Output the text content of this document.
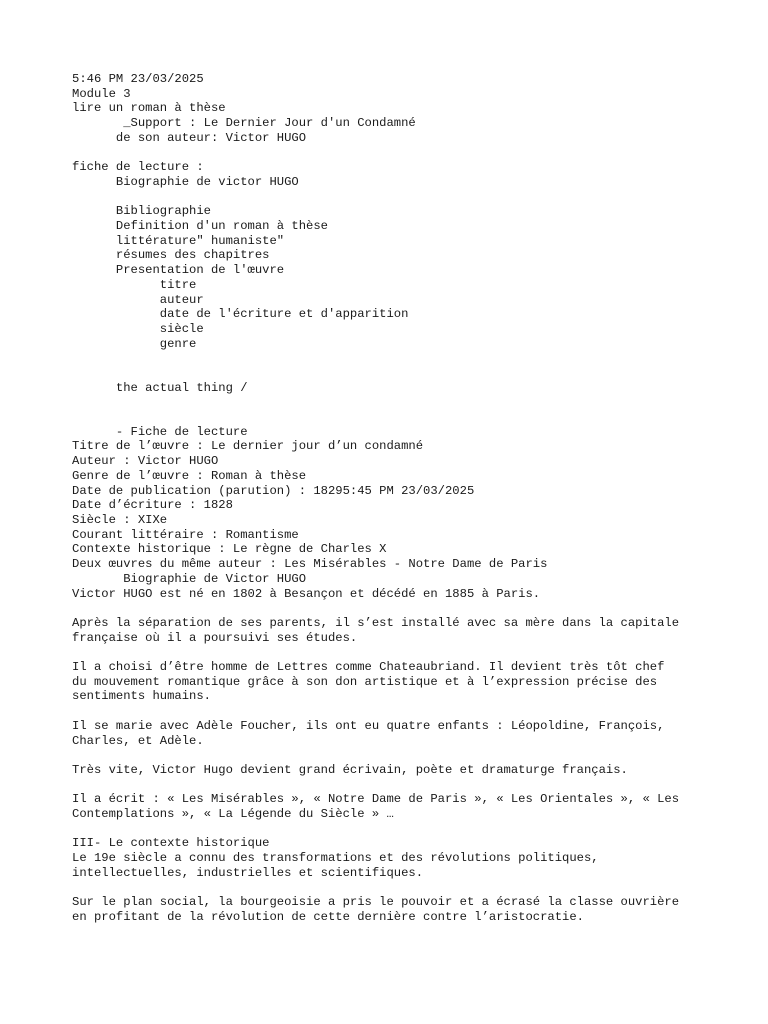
5:46 PM 23/03/2025
Module 3
lire un roman à thèse
_Support : Le Dernier Jour d'un Condamné
de son auteur: Victor HUGO
fiche de lecture :
Biographie de victor HUGO
Bibliographie
Definition d'un roman à thèse
littérature" humaniste"
résumes des chapitres
Presentation de l'œuvre
titre
auteur
date de l'écriture et d'apparition
siècle
genre
the actual thing /
- Fiche de lecture
Titre de l’œuvre : Le dernier jour d’un condamné
Auteur : Victor HUGO
Genre de l’œuvre : Roman à thèse
Date de publication (parution) : 18295:45 PM 23/03/2025
Date d’écriture : 1828
Siècle : XIXe
Courant littéraire : Romantisme
Contexte historique : Le règne de Charles X
Deux œuvres du même auteur : Les Misérables - Notre Dame de Paris
Biographie de Victor HUGO
Victor HUGO est né en 1802 à Besançon et décédé en 1885 à Paris.
Après la séparation de ses parents, il s’est installé avec sa mère dans la capitale
française où il a poursuivi ses études.
Il a choisi d’être homme de Lettres comme Chateaubriand. Il devient très tôt chef
du mouvement romantique grâce à son don artistique et à l’expression précise des
sentiments humains.
Il se marie avec Adèle Foucher, ils ont eu quatre enfants : Léopoldine, François,
Charles, et Adèle.
Très vite, Victor Hugo devient grand écrivain, poète et dramaturge français.
Il a écrit : « Les Misérables », « Notre Dame de Paris », « Les Orientales », « Les
Contemplations », « La Légende du Siècle » …
III- Le contexte historique
Le 19e siècle a connu des transformations et des révolutions politiques,
intellectuelles, industrielles et scientifiques.
Sur le plan social, la bourgeoisie a pris le pouvoir et a écrasé la classe ouvrière
en profitant de la révolution de cette dernière contre l’aristocratie.
